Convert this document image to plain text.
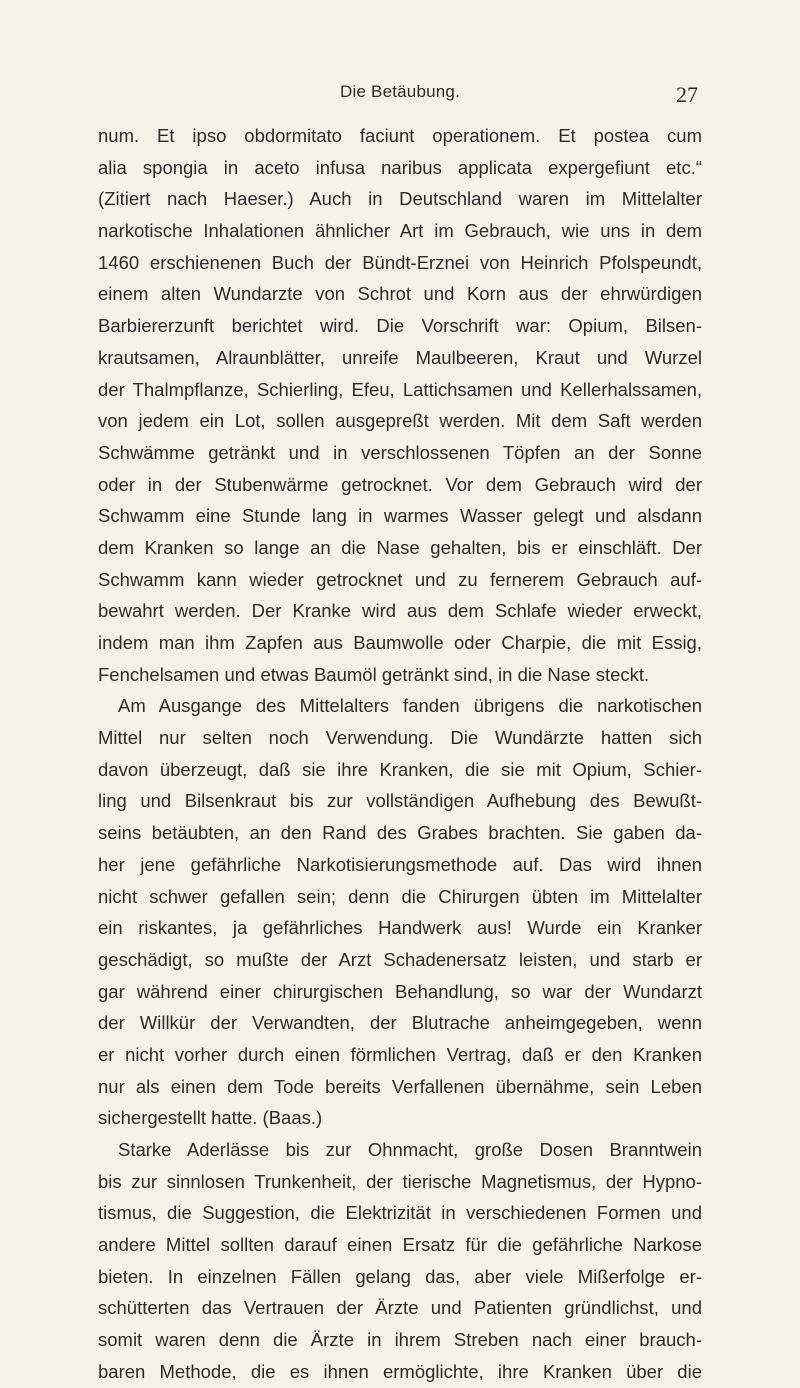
Die Betäubung.	27
num. Et ipso obdormitato faciunt operationem. Et postea cum
alia spongia in aceto infusa naribus applicata expergefiunt etc.“
(Zitiert nach Haeser.) Auch in Deutschland waren im Mittelalter
narkotische Inhalationen ähnlicher Art im Gebrauch, wie uns in dem
1460 erschienenen Buch der Bündt-Erznei von Heinrich Pfolspeundt,
einem alten Wundarzte von Schrot und Korn aus der ehrwürdigen
Barbiererzunft berichtet wird. Die Vorschrift war: Opium, Bilsen-
krautsamen, Alraunblätter, unreife Maulbeeren, Kraut und Wurzel
der Thalmpflanze, Schierling, Efeu, Lattichsamen und Kellerhalssamen,
von jedem ein Lot, sollen ausgepreßt werden. Mit dem Saft werden
Schwämme getränkt und in verschlossenen Töpfen an der Sonne
oder in der Stubenwärme getrocknet. Vor dem Gebrauch wird der
Schwamm eine Stunde lang in warmes Wasser gelegt und alsdann
dem Kranken so lange an die Nase gehalten, bis er einschläft. Der
Schwamm kann wieder getrocknet und zu fernerem Gebrauch auf-
bewahrt werden. Der Kranke wird aus dem Schlafe wieder erweckt,
indem man ihm Zapfen aus Baumwolle oder Charpie, die mit Essig,
Fenchelsamen und etwas Baumöl getränkt sind, in die Nase steckt.
Am Ausgange des Mittelalters fanden übrigens die narkotischen
Mittel nur selten noch Verwendung. Die Wundärzte hatten sich
davon überzeugt, daß sie ihre Kranken, die sie mit Opium, Schier-
ling und Bilsenkraut bis zur vollständigen Aufhebung des Bewußt-
seins betäubten, an den Rand des Grabes brachten. Sie gaben da-
her jene gefährliche Narkotisierungsmethode auf. Das wird ihnen
nicht schwer gefallen sein; denn die Chirurgen übten im Mittelalter
ein riskantes, ja gefährliches Handwerk aus! Wurde ein Kranker
geschädigt, so mußte der Arzt Schadenersatz leisten, und starb er
gar während einer chirurgischen Behandlung, so war der Wundarzt
der Willkür der Verwandten, der Blutrache anheimgegeben, wenn
er nicht vorher durch einen förmlichen Vertrag, daß er den Kranken
nur als einen dem Tode bereits Verfallenen übernähme, sein Leben
sichergestellt hatte. (Baas.)
Starke Aderlässe bis zur Ohnmacht, große Dosen Branntwein
bis zur sinnlosen Trunkenheit, der tierische Magnetismus, der Hypno-
tismus, die Suggestion, die Elektrizität in verschiedenen Formen und
andere Mittel sollten darauf einen Ersatz für die gefährliche Narkose
bieten. In einzelnen Fällen gelang das, aber viele Mißerfolge er-
schütterten das Vertrauen der Ärzte und Patienten gründlichst, und
somit waren denn die Ärzte in ihrem Streben nach einer brauch-
baren Methode, die es ihnen ermöglichte, ihre Kranken über die
